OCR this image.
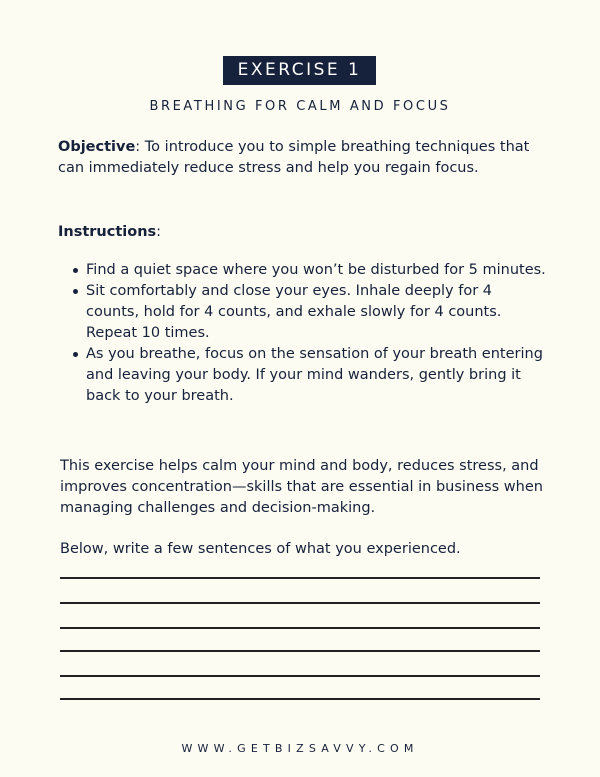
EXERCISE 1
BREATHING FOR CALM AND FOCUS
Objective: To introduce you to simple breathing techniques that can immediately reduce stress and help you regain focus.
Instructions:
Find a quiet space where you won’t be disturbed for 5 minutes.
Sit comfortably and close your eyes. Inhale deeply for 4 counts, hold for 4 counts, and exhale slowly for 4 counts. Repeat 10 times.
As you breathe, focus on the sensation of your breath entering and leaving your body. If your mind wanders, gently bring it back to your breath.
This exercise helps calm your mind and body, reduces stress, and improves concentration—skills that are essential in business when managing challenges and decision-making.
Below, write a few sentences of what you experienced.
WWW.GETBIZSAVVY.COM
